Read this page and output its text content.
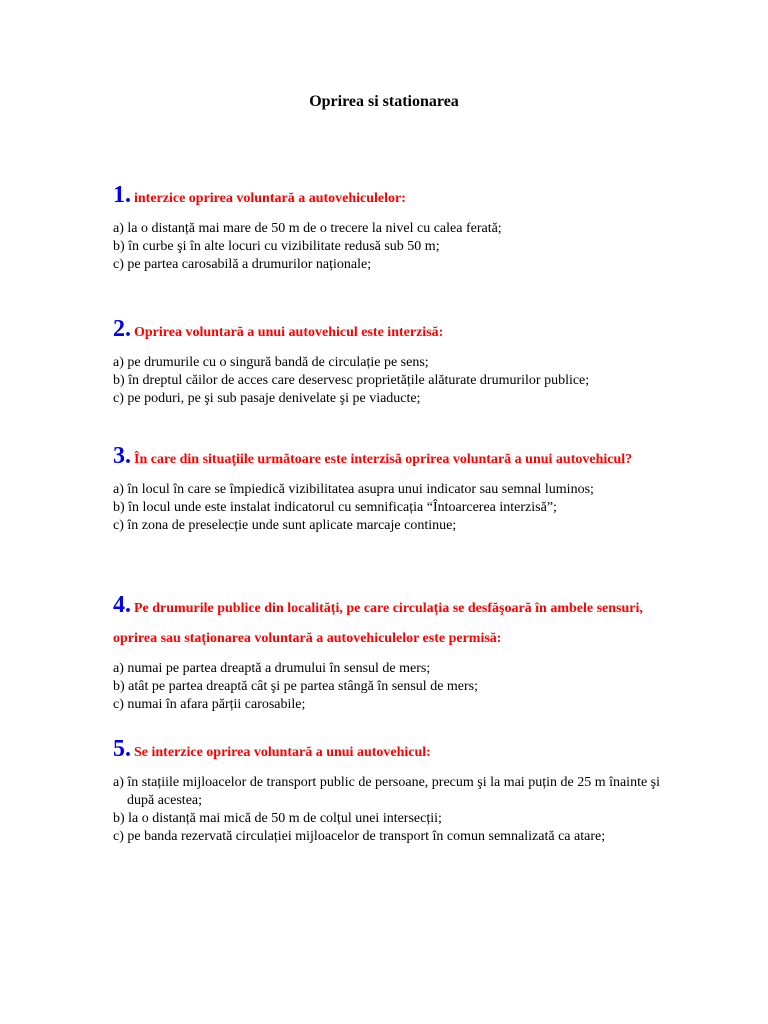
Oprirea si stationarea

1. interzice oprirea voluntară a autovehiculelor:

a) la o distanță mai mare de 50 m de o trecere la nivel cu calea ferată;
b) în curbe şi în alte locuri cu vizibilitate redusă sub 50 m;
c) pe partea carosabilă a drumurilor naționale;

2. Oprirea voluntară a unui autovehicul este interzisă:

a) pe drumurile cu o singură bandă de circulație pe sens;
b) în dreptul căilor de acces care deservesc proprietățile alăturate drumurilor publice;
c) pe poduri, pe şi sub pasaje denivelate şi pe viaducte;

3. În care din situațiile următoare este interzisă oprirea voluntară a unui autovehicul?

a) în locul în care se împiedică vizibilitatea asupra unui indicator sau semnal luminos;
b) în locul unde este instalat indicatorul cu semnificația “Întoarcerea interzisă”;
c) în zona de preselecție unde sunt aplicate marcaje continue;

4. Pe drumurile publice din localități, pe care circulația se desfăşoară în ambele sensuri, oprirea sau staționarea voluntară a autovehiculelor este permisă:

a) numai pe partea dreaptă a drumului în sensul de mers;
b) atât pe partea dreaptă cât şi pe partea stângă în sensul de mers;
c) numai în afara părții carosabile;

5. Se interzice oprirea voluntară a unui autovehicul:

a) în stațiile mijloacelor de transport public de persoane, precum şi la mai puțin de 25 m înainte şi după acestea;
b) la o distanță mai mică de 50 m de colțul unei intersecții;
c) pe banda rezervată circulației mijloacelor de transport în comun semnalizată ca atare;
